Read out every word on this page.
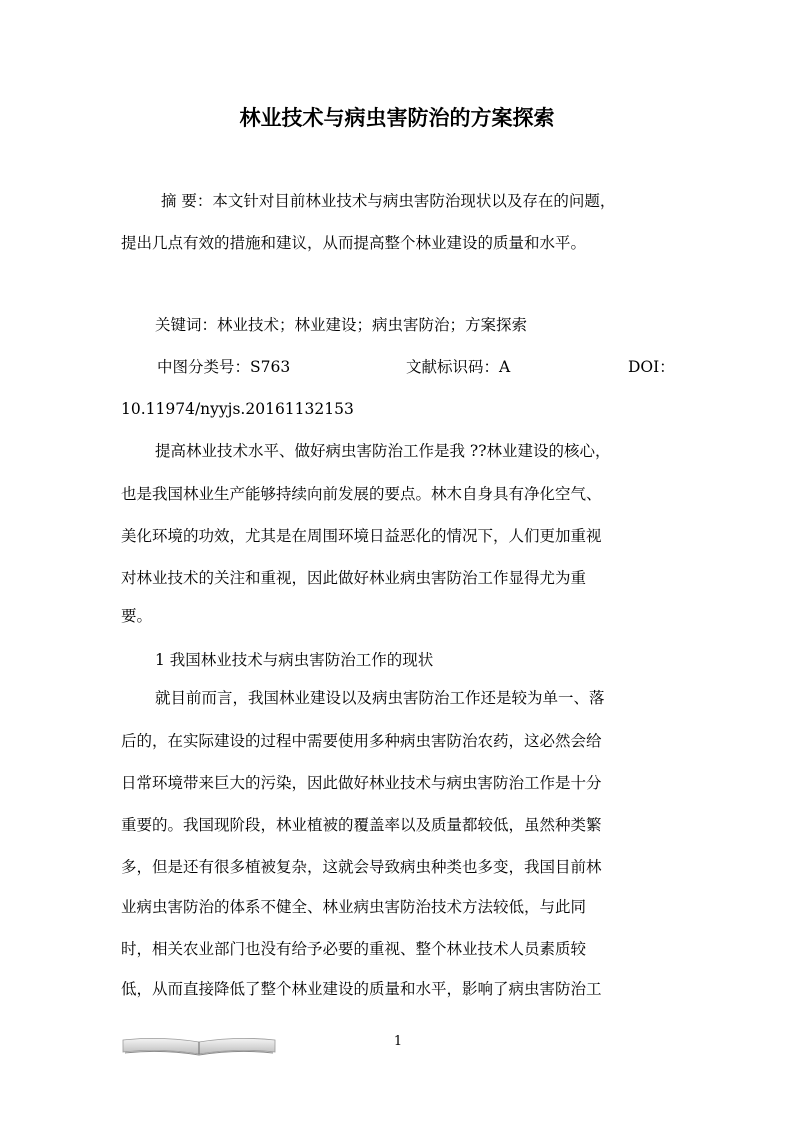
林业技术与病虫害防治的方案探索
摘 要：本文针对目前林业技术与病虫害防治现状以及存在的问题，
提出几点有效的措施和建议，从而提高整个林业建设的质量和水平。
关键词：林业技术；林业建设；病虫害防治；方案探索
中图分类号：S763	文献标识码：A	DOI：
10.11974/nyyjs.20161132153
提高林业技术水平、做好病虫害防治工作是我 ??林业建设的核心，
也是我国林业生产能够持续向前发展的要点。林木自身具有净化空气、
美化环境的功效，尤其是在周围环境日益恶化的情况下，人们更加重视
对林业技术的关注和重视，因此做好林业病虫害防治工作显得尤为重
要。
1 我国林业技术与病虫害防治工作的现状
就目前而言，我国林业建设以及病虫害防治工作还是较为单一、落
后的，在实际建设的过程中需要使用多种病虫害防治农药，这必然会给
日常环境带来巨大的污染，因此做好林业技术与病虫害防治工作是十分
重要的。我国现阶段，林业植被的覆盖率以及质量都较低，虽然种类繁
多，但是还有很多植被复杂，这就会导致病虫种类也多变，我国目前林
业病虫害防治的体系不健全、林业病虫害防治技术方法较低，与此同
时，相关农业部门也没有给予必要的重视、整个林业技术人员素质较
低，从而直接降低了整个林业建设的质量和水平，影响了病虫害防治工
1
